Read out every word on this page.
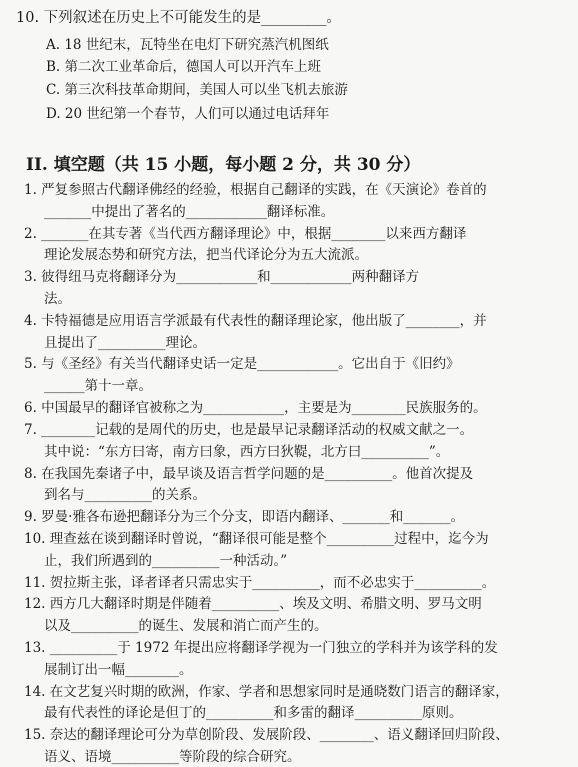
10. 下列叙述在历史上不可能发生的是_________。
A. 18 世纪末，瓦特坐在电灯下研究蒸汽机图纸
B. 第二次工业革命后，德国人可以开汽车上班
C. 第三次科技革命期间，美国人可以坐飞机去旅游
D. 20 世纪第一个春节，人们可以通过电话拜年
II. 填空题（共 15 小题，每小题 2 分，共 30 分）
1. 严复参照古代翻译佛经的经验，根据自己翻译的实践，在《天演论》卷首的
_______中提出了著名的____________翻译标准。
2. _______在其专著《当代西方翻译理论》中，根据________以来西方翻译
理论发展态势和研究方法，把当代译论分为五大流派。
3. 彼得纽马克将翻译分为____________和____________两种翻译方
法。
4. 卡特福德是应用语言学派最有代表性的翻译理论家，他出版了________，并
且提出了__________理论。
5. 与《圣经》有关当代翻译史话一定是____________。它出自于《旧约》
______第十一章。
6. 中国最早的翻译官被称之为____________，主要是为________民族服务的。
7. ________记载的是周代的历史，也是最早记录翻译活动的权威文献之一。
其中说：“东方曰寄，南方曰象，西方曰狄鞮，北方曰__________”。
8. 在我国先秦诸子中，最早谈及语言哲学问题的是__________。他首次提及
到名与__________的关系。
9. 罗曼·雅各布逊把翻译分为三个分支，即语内翻译、_______和_______。
10. 理查兹在谈到翻译时曾说，“翻译很可能是整个__________过程中，迄今为
止，我们所遇到的__________一种活动。”
11. 贺拉斯主张，译者译者只需忠实于__________，而不必忠实于__________。
12. 西方几大翻译时期是伴随着__________、埃及文明、希腊文明、罗马文明
以及__________的诞生、发展和消亡而产生的。
13. __________于 1972 年提出应将翻译学视为一门独立的学科并为该学科的发
展制订出一幅________。
14. 在文艺复兴时期的欧洲，作家、学者和思想家同时是通晓数门语言的翻译家，
最有代表性的译论是但丁的__________和多雷的翻译__________原则。
15. 奈达的翻译理论可分为草创阶段、发展阶段、________、语义翻译回归阶段、
语义、语境__________等阶段的综合研究。
